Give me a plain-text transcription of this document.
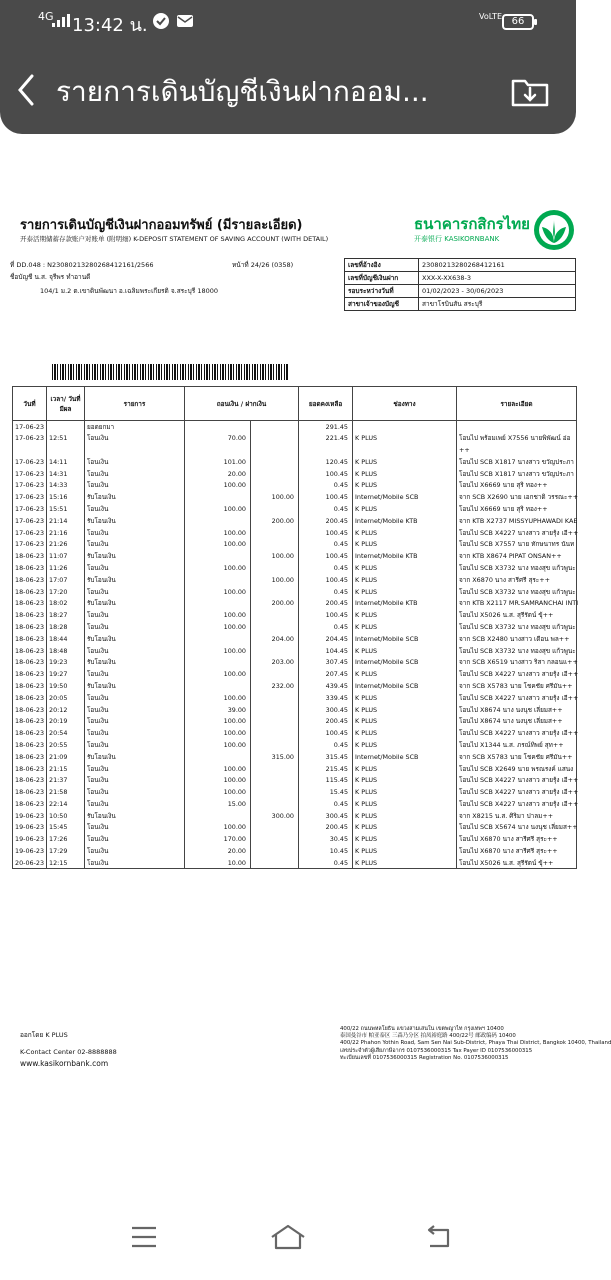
4G 13:42 น.	VoLTE 66
รายการเดินบัญชีเงินฝากออม...
รายการเดินบัญชีเงินฝากออมทรัพย์ (มีรายละเอียด)
开泰活期储蓄存款账户对账单 (附明细) K-DEPOSIT STATEMENT OF SAVING ACCOUNT (WITH DETAIL)
ธนาคารกสิกรไทย
开泰银行 KASIKORNBANK
ที่ DD.048 : N23080213280268412161/2566	หน้าที่ 24/26 (0358)
ชื่อบัญชี น.ส. จุรีพร ทำอานดี
104/1 ม.2 ต.เขาดินพัฒนา อ.เฉลิมพระเกียรติ จ.สระบุรี 18000
เลขที่อ้างอิง	23080213280268412161
เลขที่บัญชีเงินฝาก	XXX-X-XX638-3
รอบระหว่างวันที่	01/02/2023 - 30/06/2023
สาขาเจ้าของบัญชี	สาขาโรบินสัน สระบุรี
วันที่	เวลา/ วันที่มีผล	รายการ	ถอนเงิน / ฝากเงิน		ยอดคงเหลือ	ช่องทาง	รายละเอียด
17-06-23		ยอดยกมา			291.45		
17-06-23	12:51	โอนเงิน	70.00		221.45	K PLUS	โอนไป พร้อมเพย์ X7556 นายพิพัฒน์ อ่อ
							++
17-06-23	14:11	โอนเงิน	101.00		120.45	K PLUS	โอนไป SCB X1817 นางสาว ขวัญประภา
17-06-23	14:31	โอนเงิน	20.00		100.45	K PLUS	โอนไป SCB X1817 นางสาว ขวัญประภา
17-06-23	14:33	โอนเงิน	100.00		0.45	K PLUS	โอนไป X6669 นาย สุริ ทอง++
17-06-23	15:16	รับโอนเงิน		100.00	100.45	Internet/Mobile SCB	จาก SCB X2690 นาย เอกชาติ วรรณะ++
17-06-23	15:51	โอนเงิน	100.00		0.45	K PLUS	โอนไป X6669 นาย สุริ ทอง++
17-06-23	21:14	รับโอนเงิน		200.00	200.45	Internet/Mobile KTB	จาก KTB X2737 MISSYUPHAWADI KAE
17-06-23	21:16	โอนเงิน	100.00		100.45	K PLUS	โอนไป SCB X4227 นางสาว สายรุ้ง เอี++
17-06-23	21:26	โอนเงิน	100.00		0.45	K PLUS	โอนไป SCB X7557 นาย ทักษนาทร นันท
18-06-23	11:07	รับโอนเงิน		100.00	100.45	Internet/Mobile KTB	จาก KTB X8674 PIPAT ONSAN++
18-06-23	11:26	โอนเงิน	100.00		0.45	K PLUS	โอนไป SCB X3732 นาง ทองสุข แก้วพูนะ
18-06-23	17:07	รับโอนเงิน		100.00	100.45	K PLUS	จาก X6870 นาง สารีศรี สุระ++
18-06-23	17:20	โอนเงิน	100.00		0.45	K PLUS	โอนไป SCB X3732 นาง ทองสุข แก้วพูนะ
18-06-23	18:02	รับโอนเงิน		200.00	200.45	Internet/Mobile KTB	จาก KTB X2117 MR.SAMRANCHAI INTI
18-06-23	18:27	โอนเงิน	100.00		100.45	K PLUS	โอนไป X5026 น.ส. สุรีรัตน์ ขุ้++
18-06-23	18:28	โอนเงิน	100.00		0.45	K PLUS	โอนไป SCB X3732 นาง ทองสุข แก้วพูนะ
18-06-23	18:44	รับโอนเงิน		204.00	204.45	Internet/Mobile SCB	จาก SCB X2480 นางสาว เดือน พล++
18-06-23	18:48	โอนเงิน	100.00		104.45	K PLUS	โอนไป SCB X3732 นาง ทองสุข แก้วพูนะ
18-06-23	19:23	รับโอนเงิน		203.00	307.45	Internet/Mobile SCB	จาก SCB X6519 นางสาว ริสา กลอนแ++
18-06-23	19:27	โอนเงิน	100.00		207.45	K PLUS	โอนไป SCB X4227 นางสาว สายรุ้ง เอี++
18-06-23	19:50	รับโอนเงิน		232.00	439.45	Internet/Mobile SCB	จาก SCB X5783 นาย โชคชัย ศรีมัน++
18-06-23	20:05	โอนเงิน	100.00		339.45	K PLUS	โอนไป SCB X4227 นางสาว สายรุ้ง เอี++
18-06-23	20:12	โอนเงิน	39.00		300.45	K PLUS	โอนไป X8674 นาง นงนุช เลี่ยมส++
18-06-23	20:19	โอนเงิน	100.00		200.45	K PLUS	โอนไป X8674 นาง นงนุช เลี่ยมส++
18-06-23	20:54	โอนเงิน	100.00		100.45	K PLUS	โอนไป SCB X4227 นางสาว สายรุ้ง เอี++
18-06-23	20:55	โอนเงิน	100.00		0.45	K PLUS	โอนไป X1344 น.ส. ภรณ์ทิพย์ สุท++
18-06-23	21:09	รับโอนเงิน		315.00	315.45	Internet/Mobile SCB	จาก SCB X5783 นาย โชคชัย ศรีมัน++
18-06-23	21:15	โอนเงิน	100.00		215.45	K PLUS	โอนไป SCB X2649 นาย พรณรงค์ แสนง
18-06-23	21:37	โอนเงิน	100.00		115.45	K PLUS	โอนไป SCB X4227 นางสาว สายรุ้ง เอี++
18-06-23	21:58	โอนเงิน	100.00		15.45	K PLUS	โอนไป SCB X4227 นางสาว สายรุ้ง เอี++
18-06-23	22:14	โอนเงิน	15.00		0.45	K PLUS	โอนไป SCB X4227 นางสาว สายรุ้ง เอี++
19-06-23	10:50	รับโอนเงิน		300.00	300.45	K PLUS	จาก X8215 น.ส. ศิริมา ปาลม++
19-06-23	15:45	โอนเงิน	100.00		200.45	K PLUS	โอนไป SCB X5674 นาง นงนุช เลี่ยมส++
19-06-23	17:26	โอนเงิน	170.00		30.45	K PLUS	โอนไป X6870 นาง สารีศรี สุระ++
19-06-23	17:29	โอนเงิน	20.00		10.45	K PLUS	โอนไป X6870 นาง สารีศรี สุระ++
20-06-23	12:15	โอนเงิน	10.00		0.45	K PLUS	โอนไป X5026 น.ส. สุรีรัตน์ ขุ้++
ออกโดย K PLUS
K-Contact Center 02-8888888
www.kasikornbank.com
400/22 ถนนพหลโยธิน แขวงสามเสนใน เขตพญาไท กรุงเทพฯ 10400
泰国曼谷市 帕亚泰区 三森乃分区 拍凤裕庭路 400/22号 邮政编码 10400
400/22 Phahon Yothin Road, Sam Sen Nai Sub-District, Phaya Thai District, Bangkok 10400, Thailand
เลขประจำตัวผู้เสียภาษีอากร 0107536000315 Tax Payer ID 0107536000315
ทะเบียนเลขที่ 0107536000315 Registration No. 0107536000315
